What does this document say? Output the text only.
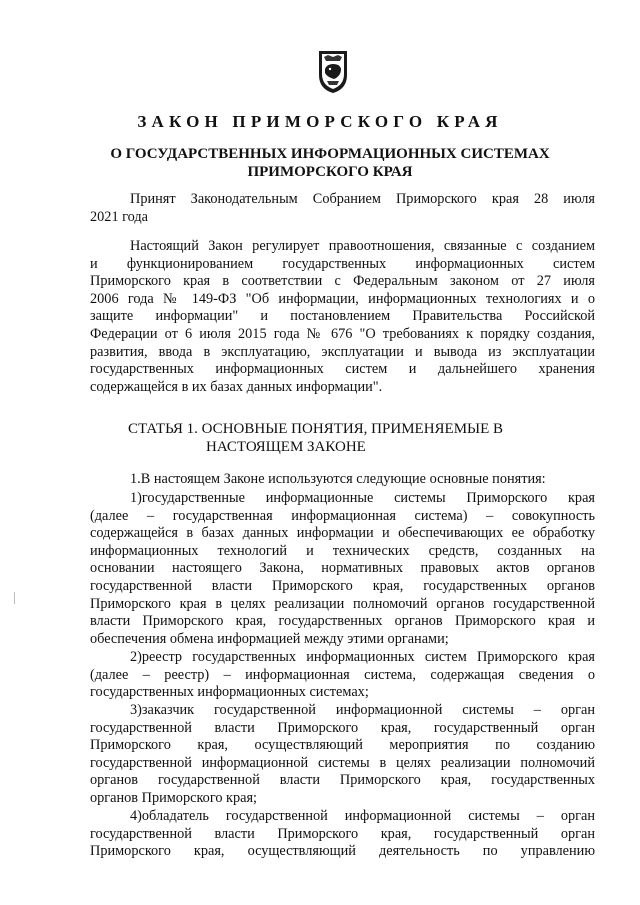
ЗАКОН ПРИМОРСКОГО КРАЯ
О ГОСУДАРСТВЕННЫХ ИНФОРМАЦИОННЫХ СИСТЕМАХ
ПРИМОРСКОГО КРАЯ
Принят Законодательным Собранием Приморского края 28 июля
2021 года
Настоящий Закон регулирует правоотношения, связанные с созданием
и функционированием государственных информационных систем
Приморского края в соответствии с Федеральным законом от 27 июля
2006 года № 149-ФЗ "Об информации, информационных технологиях и о
защите информации" и постановлением Правительства Российской
Федерации от 6 июля 2015 года № 676 "О требованиях к порядку создания,
развития, ввода в эксплуатацию, эксплуатации и вывода из эксплуатации
государственных информационных систем и дальнейшего хранения
содержащейся в их базах данных информации".
СТАТЬЯ 1. ОСНОВНЫЕ ПОНЯТИЯ, ПРИМЕНЯЕМЫЕ В
НАСТОЯЩЕМ ЗАКОНЕ
1.В настоящем Законе используются следующие основные понятия:
1)государственные информационные системы Приморского края
(далее – государственная информационная система) – совокупность
содержащейся в базах данных информации и обеспечивающих ее обработку
информационных технологий и технических средств, созданных на
основании настоящего Закона, нормативных правовых актов органов
государственной власти Приморского края, государственных органов
Приморского края в целях реализации полномочий органов государственной
власти Приморского края, государственных органов Приморского края и
обеспечения обмена информацией между этими органами;
2)реестр государственных информационных систем Приморского края
(далее – реестр) – информационная система, содержащая сведения о
государственных информационных системах;
3)заказчик государственной информационной системы – орган
государственной власти Приморского края, государственный орган
Приморского края, осуществляющий мероприятия по созданию
государственной информационной системы в целях реализации полномочий
органов государственной власти Приморского края, государственных
органов Приморского края;
4)обладатель государственной информационной системы – орган
государственной власти Приморского края, государственный орган
Приморского края, осуществляющий деятельность по управлению
